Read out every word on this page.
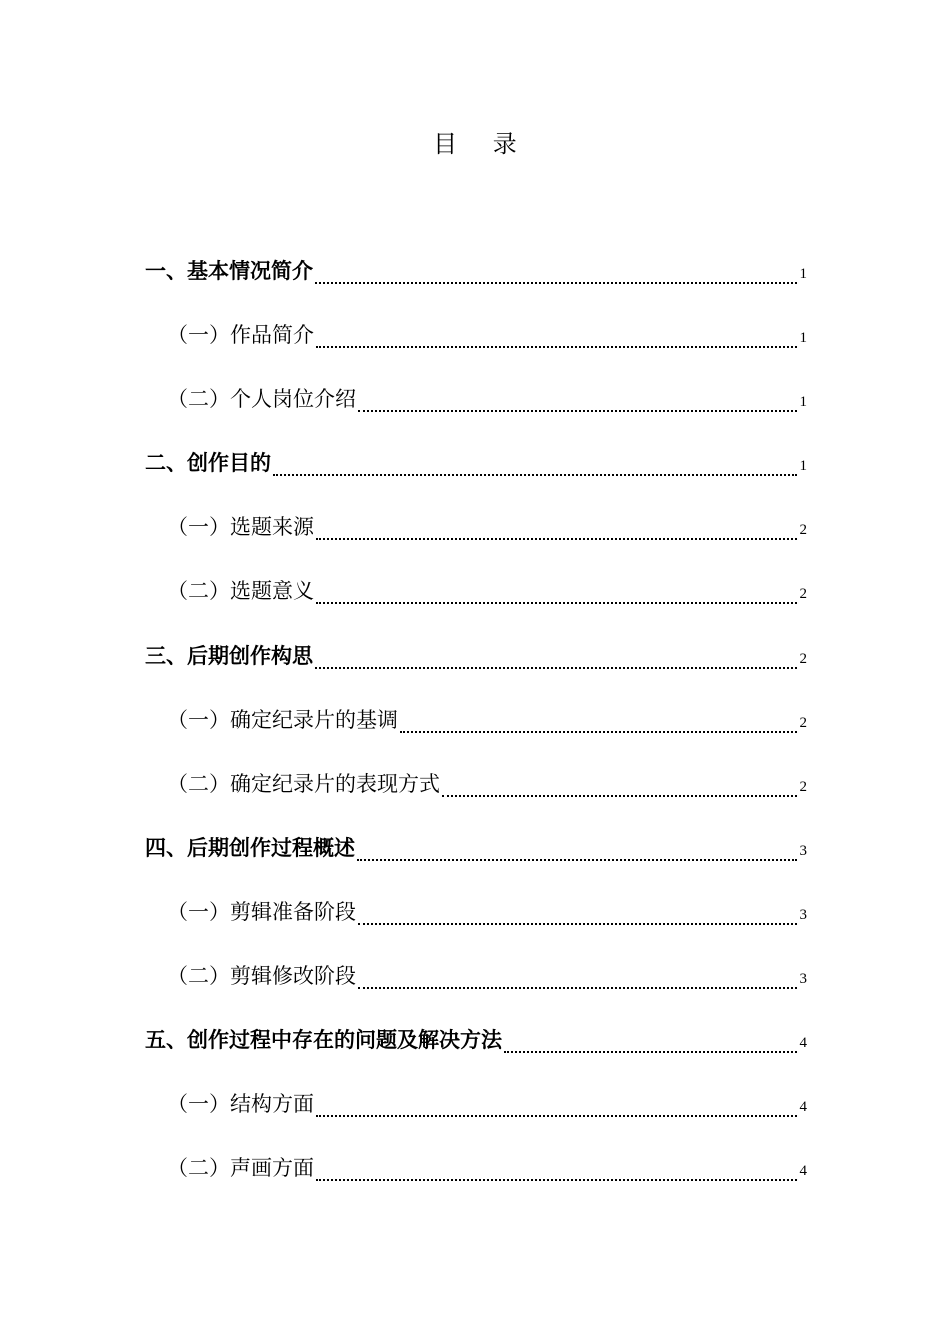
目 录
一、基本情况简介	1
（一）作品简介	1
（二）个人岗位介绍	1
二、创作目的	1
（一）选题来源	2
（二）选题意义	2
三、后期创作构思	2
（一）确定纪录片的基调	2
（二）确定纪录片的表现方式	2
四、后期创作过程概述	3
（一）剪辑准备阶段	3
（二）剪辑修改阶段	3
五、创作过程中存在的问题及解决方法	4
（一）结构方面	4
（二）声画方面	4
